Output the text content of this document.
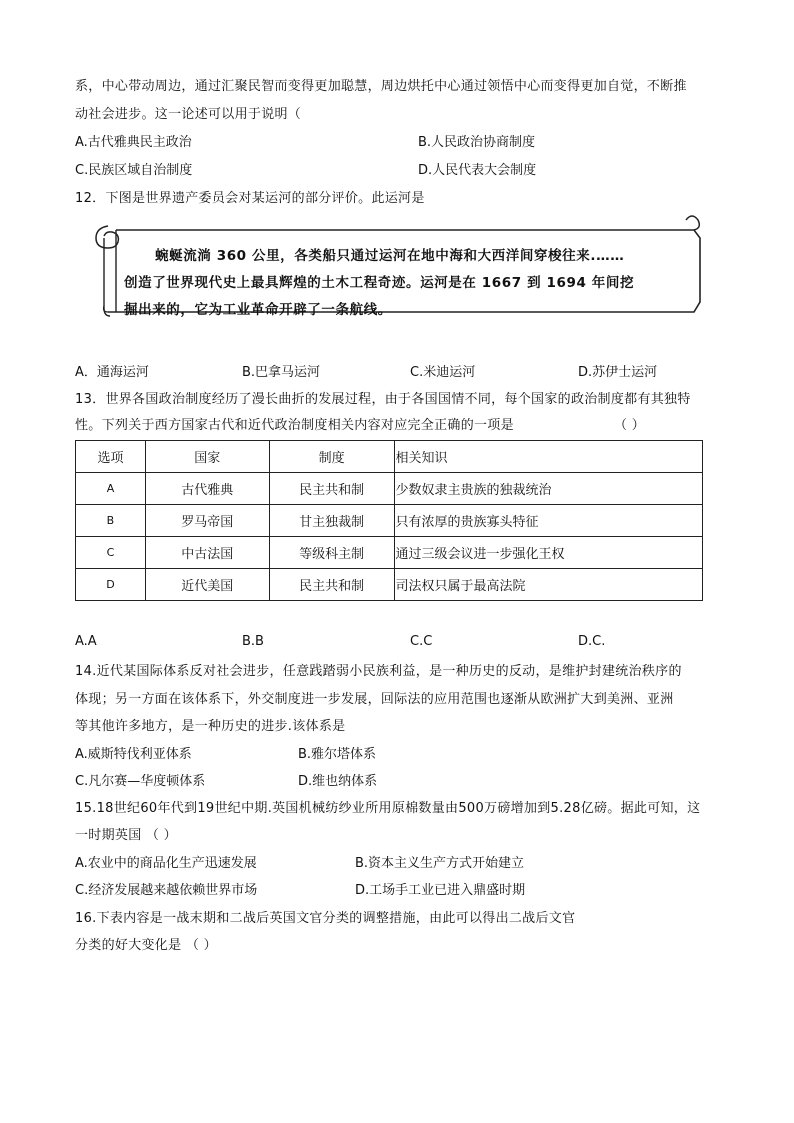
系，中心带动周边，通过汇聚民智而变得更加聪慧，周边烘托中心通过领悟中心而变得更加自觉，不断推
动社会进步。这一论述可以用于说明（
A.古代雅典民主政治	B.人民政治协商制度
C.民族区域自治制度	D.人民代表大会制度
12．下图是世界遗产委员会对某运河的部分评价。此运河是
蜿蜒流淌 360 公里，各类船只通过运河在地中海和大西洋间穿梭往来.……
创造了世界现代史上最具辉煌的土木工程奇迹。运河是在 1667 到 1694 年间挖
掘出来的，它为工业革命开辟了一条航线。
A．通海运河	B.巴拿马运河	C.米迪运河	D.苏伊士运河
13．世界各国政治制度经历了漫长曲折的发展过程，由于各国国情不同，每个国家的政治制度都有其独特
性。下列关于西方国家古代和近代政治制度相关内容对应完全正确的一项是	（ ）
选项	国家	制度	相关知识
A	古代雅典	民主共和制	少数奴隶主贵族的独裁统治
B	罗马帝国	甘主独裁制	只有浓厚的贵族寡头特征
C	中古法国	等级科主制	通过三级会议进一步强化王权
D	近代美国	民主共和制	司法权只属于最高法院
A.A	B.B	C.C	D.C.
14.近代某国际体系反对社会进步，任意践踏弱小民族利益，是一种历史的反动，是维护封建统治秩序的
体现；另一方面在该体系下，外交制度进一步发展，回际法的应用范围也逐渐从欧洲扩大到美洲、亚洲
等其他许多地方，是一种历史的进步.该体系是
A.威斯特伐利亚体系	B.雅尔塔体系
C.凡尔赛—华度顿体系	D.维也纳体系
15.18世纪60年代到19世纪中期.英国机械纺纱业所用原棉数量由500万磅增加到5.28亿磅。据此可知，这
一时期英国 （ ）
A.农业中的商品化生产迅速发展	B.资本主义生产方式开始建立
C.经济发展越来越依赖世界市场	D.工场手工业已进入鼎盛时期
16.下表内容是一战末期和二战后英国文官分类的调整措施，由此可以得出二战后文官
分类的好大变化是 （ ）
